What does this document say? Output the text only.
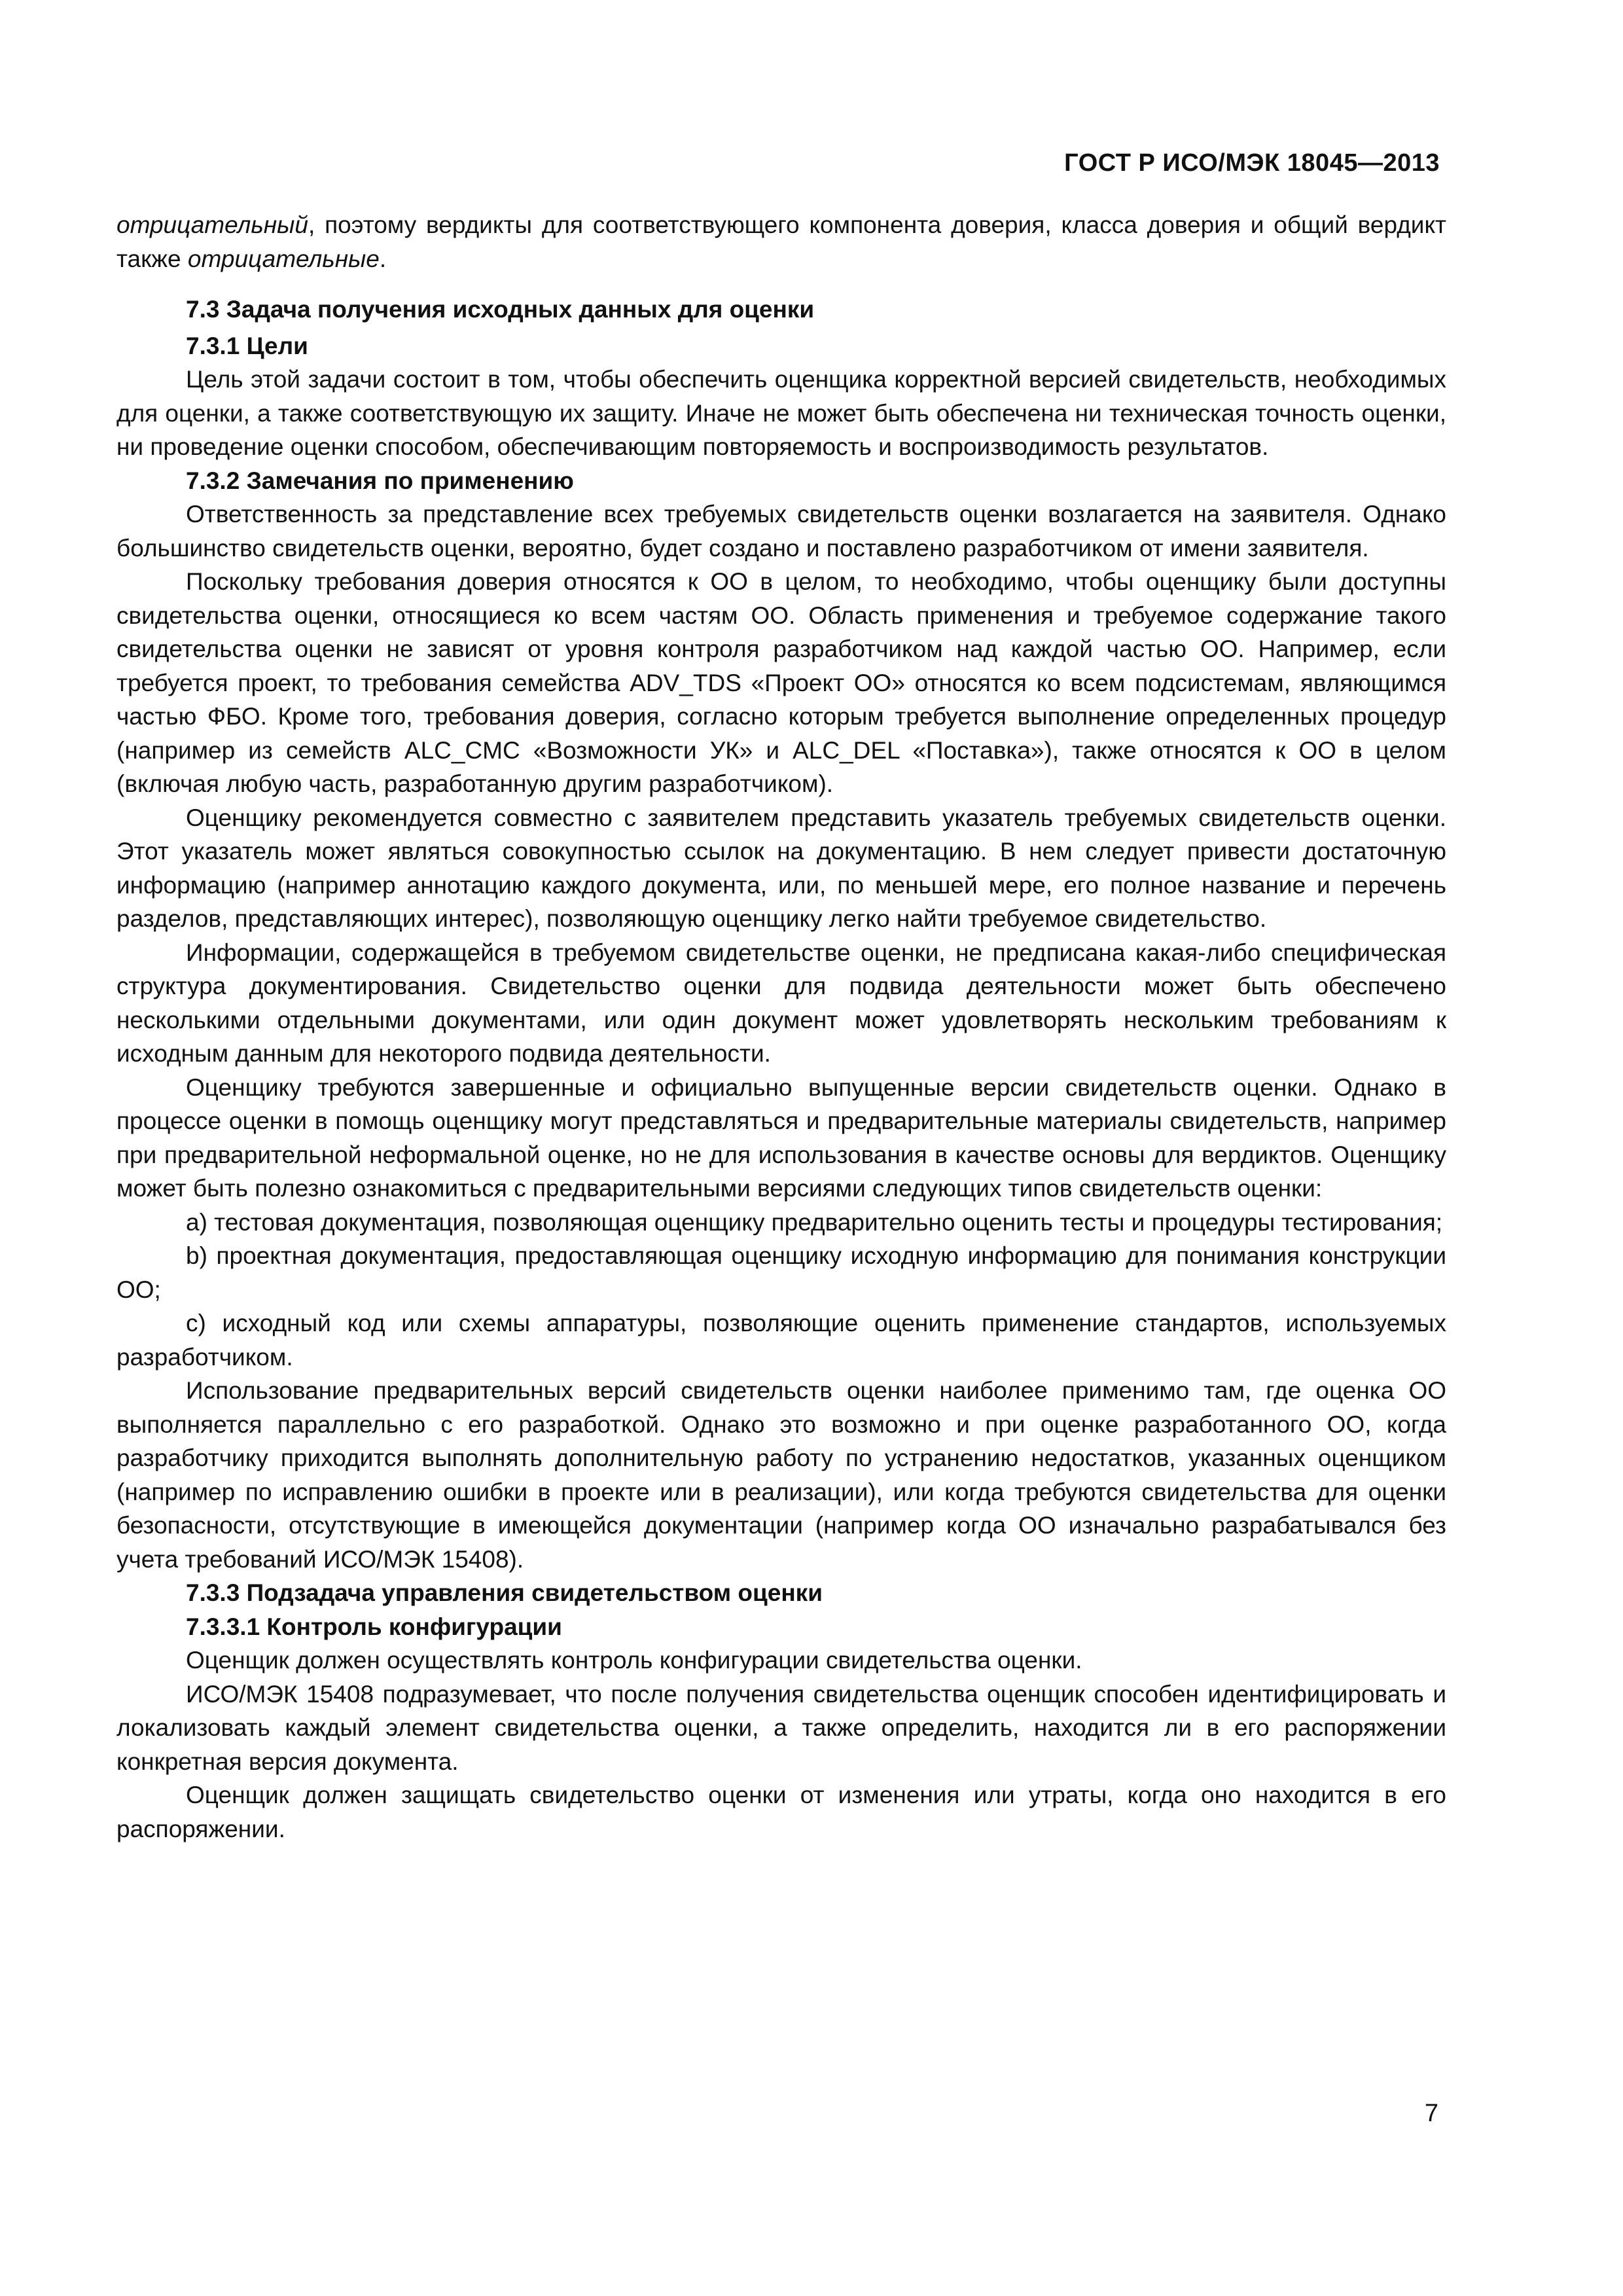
ГОСТ Р ИСО/МЭК 18045—2013

отрицательный, поэтому вердикты для соответствующего компонента доверия, класса доверия и общий вердикт также отрицательные.

7.3 Задача получения исходных данных для оценки

7.3.1 Цели

Цель этой задачи состоит в том, чтобы обеспечить оценщика корректной версией свидетельств, необходимых для оценки, а также соответствующую их защиту. Иначе не может быть обеспечена ни техническая точность оценки, ни проведение оценки способом, обеспечивающим повторяемость и воспроизводимость результатов.

7.3.2 Замечания по применению

Ответственность за представление всех требуемых свидетельств оценки возлагается на заявителя. Однако большинство свидетельств оценки, вероятно, будет создано и поставлено разработчиком от имени заявителя.

Поскольку требования доверия относятся к ОО в целом, то необходимо, чтобы оценщику были доступны свидетельства оценки, относящиеся ко всем частям ОО. Область применения и требуемое содержание такого свидетельства оценки не зависят от уровня контроля разработчиком над каждой частью ОО. Например, если требуется проект, то требования семейства ADV_TDS «Проект ОО» относятся ко всем подсистемам, являющимся частью ФБО. Кроме того, требования доверия, согласно которым требуется выполнение определенных процедур (например из семейств ALC_CMC «Возможности УК» и ALC_DEL «Поставка»), также относятся к ОО в целом (включая любую часть, разработанную другим разработчиком).

Оценщику рекомендуется совместно с заявителем представить указатель требуемых свидетельств оценки. Этот указатель может являться совокупностью ссылок на документацию. В нем следует привести достаточную информацию (например аннотацию каждого документа, или, по меньшей мере, его полное название и перечень разделов, представляющих интерес), позволяющую оценщику легко найти требуемое свидетельство.

Информации, содержащейся в требуемом свидетельстве оценки, не предписана какая-либо специфическая структура документирования. Свидетельство оценки для подвида деятельности может быть обеспечено несколькими отдельными документами, или один документ может удовлетворять нескольким требованиям к исходным данным для некоторого подвида деятельности.

Оценщику требуются завершенные и официально выпущенные версии свидетельств оценки. Однако в процессе оценки в помощь оценщику могут представляться и предварительные материалы свидетельств, например при предварительной неформальной оценке, но не для использования в качестве основы для вердиктов. Оценщику может быть полезно ознакомиться с предварительными версиями следующих типов свидетельств оценки:

a) тестовая документация, позволяющая оценщику предварительно оценить тесты и процедуры тестирования;

b) проектная документация, предоставляющая оценщику исходную информацию для понимания конструкции ОО;

c) исходный код или схемы аппаратуры, позволяющие оценить применение стандартов, используемых разработчиком.

Использование предварительных версий свидетельств оценки наиболее применимо там, где оценка ОО выполняется параллельно с его разработкой. Однако это возможно и при оценке разработанного ОО, когда разработчику приходится выполнять дополнительную работу по устранению недостатков, указанных оценщиком (например по исправлению ошибки в проекте или в реализации), или когда требуются свидетельства для оценки безопасности, отсутствующие в имеющейся документации (например когда ОО изначально разрабатывался без учета требований ИСО/МЭК 15408).

7.3.3 Подзадача управления свидетельством оценки

7.3.3.1 Контроль конфигурации

Оценщик должен осуществлять контроль конфигурации свидетельства оценки.

ИСО/МЭК 15408 подразумевает, что после получения свидетельства оценщик способен идентифицировать и локализовать каждый элемент свидетельства оценки, а также определить, находится ли в его распоряжении конкретная версия документа.

Оценщик должен защищать свидетельство оценки от изменения или утраты, когда оно находится в его распоряжении.

7
